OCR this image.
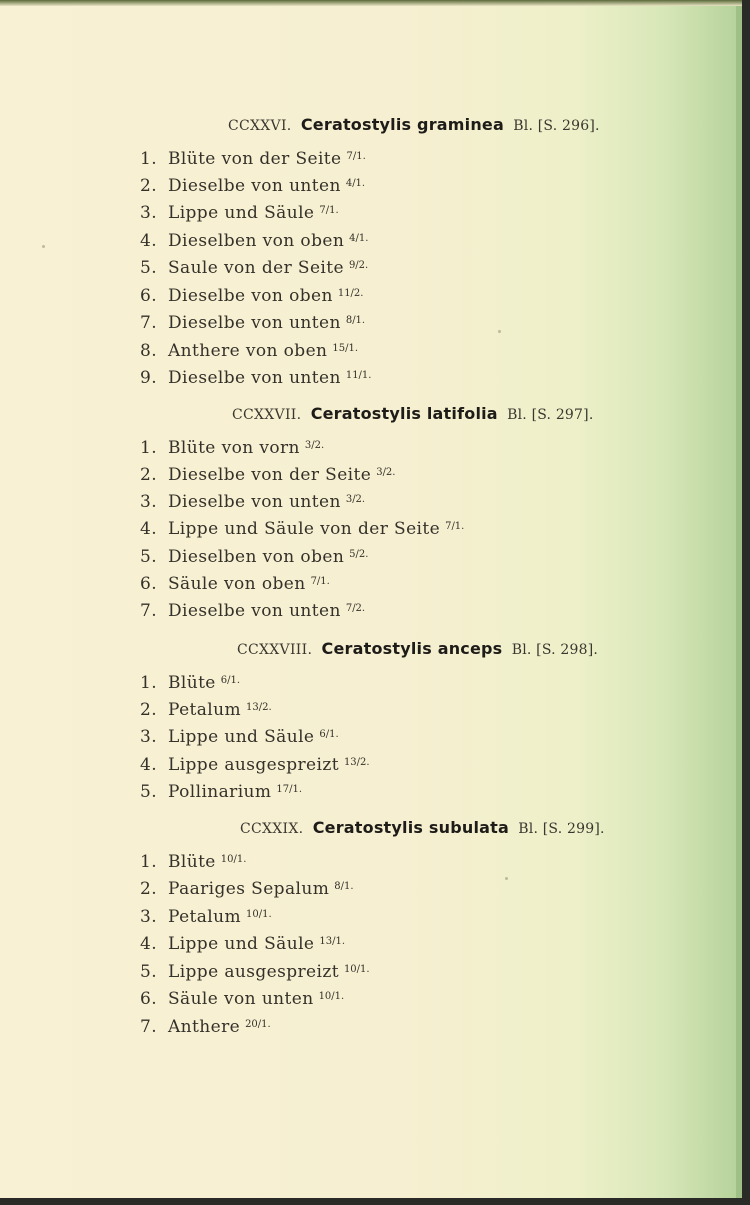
CCXXVI. Ceratostylis graminea Bl. [S. 296].
1. Blüte von der Seite $^{7/1.}$
2. Dieselbe von unten $^{4/1.}$
3. Lippe und Säule $^{7/1.}$
4. Dieselben von oben $^{4/1.}$
5. Saule von der Seite $^{9/2.}$
6. Dieselbe von oben $^{11/2.}$
7. Dieselbe von unten $^{8/1.}$
8. Anthere von oben $^{15/1.}$
9. Dieselbe von unten $^{11/1.}$
CCXXVII. Ceratostylis latifolia Bl. [S. 297].
1. Blüte von vorn $^{3/2.}$
2. Dieselbe von der Seite $^{3/2.}$
3. Dieselbe von unten $^{3/2.}$
4. Lippe und Säule von der Seite $^{7/1.}$
5. Dieselben von oben $^{5/2.}$
6. Säule von oben $^{7/1.}$
7. Dieselbe von unten $^{7/2.}$
CCXXVIII. Ceratostylis anceps Bl. [S. 298].
1. Blüte $^{6/1.}$
2. Petalum $^{13/2.}$
3. Lippe und Säule $^{6/1.}$
4. Lippe ausgespreizt $^{13/2.}$
5. Pollinarium $^{17/1.}$
CCXXIX. Ceratostylis subulata Bl. [S. 299].
1. Blüte $^{10/1.}$
2. Paariges Sepalum $^{8/1.}$
3. Petalum $^{10/1.}$
4. Lippe und Säule $^{13/1.}$
5. Lippe ausgespreizt $^{10/1.}$
6. Säule von unten $^{10/1.}$
7. Anthere $^{20/1.}$
